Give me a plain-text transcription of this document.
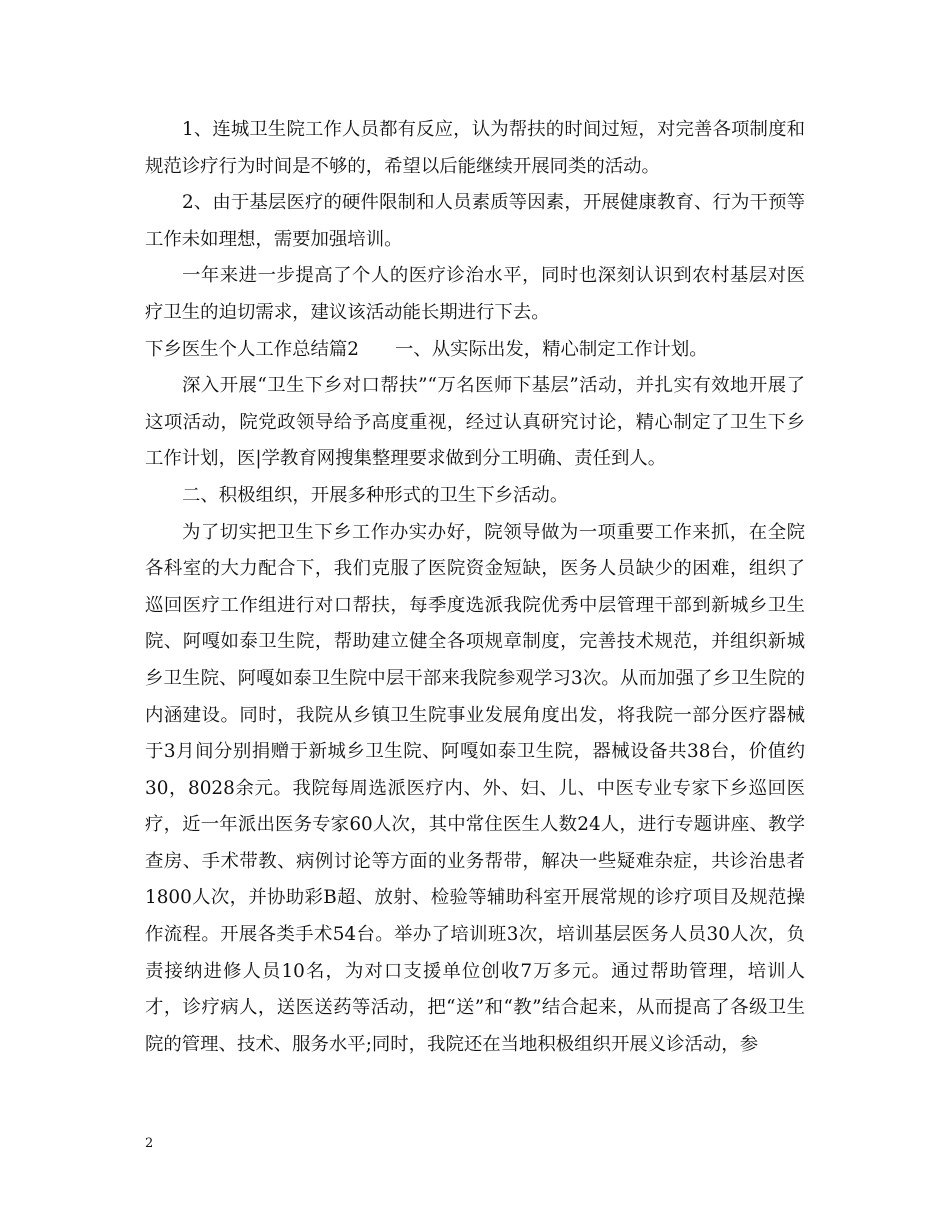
1、连城卫生院工作人员都有反应，认为帮扶的时间过短，对完善各项制度和规范诊疗行为时间是不够的，希望以后能继续开展同类的活动。

2、由于基层医疗的硬件限制和人员素质等因素，开展健康教育、行为干预等工作未如理想，需要加强培训。

一年来进一步提高了个人的医疗诊治水平，同时也深刻认识到农村基层对医疗卫生的迫切需求，建议该活动能长期进行下去。

下乡医生个人工作总结篇2 一、从实际出发，精心制定工作计划。

深入开展“卫生下乡对口帮扶”“万名医师下基层”活动，并扎实有效地开展了这项活动，院党政领导给予高度重视，经过认真研究讨论，精心制定了卫生下乡工作计划，医|学教育网搜集整理要求做到分工明确、责任到人。

二、积极组织，开展多种形式的卫生下乡活动。

为了切实把卫生下乡工作办实办好，院领导做为一项重要工作来抓，在全院各科室的大力配合下，我们克服了医院资金短缺，医务人员缺少的困难，组织了巡回医疗工作组进行对口帮扶，每季度选派我院优秀中层管理干部到新城乡卫生院、阿嘎如泰卫生院，帮助建立健全各项规章制度，完善技术规范，并组织新城乡卫生院、阿嘎如泰卫生院中层干部来我院参观学习3次。从而加强了乡卫生院的内涵建设。同时，我院从乡镇卫生院事业发展角度出发，将我院一部分医疗器械于3月间分别捐赠于新城乡卫生院、阿嘎如泰卫生院，器械设备共38台，价值约30，8028余元。我院每周选派医疗内、外、妇、儿、中医专业专家下乡巡回医疗，近一年派出医务专家60人次，其中常住医生人数24人，进行专题讲座、教学查房、手术带教、病例讨论等方面的业务帮带，解决一些疑难杂症，共诊治患者1800人次，并协助彩B超、放射、检验等辅助科室开展常规的诊疗项目及规范操作流程。开展各类手术54台。举办了培训班3次，培训基层医务人员30人次，负责接纳进修人员10名，为对口支援单位创收7万多元。通过帮助管理，培训人才，诊疗病人，送医送药等活动，把“送”和“教”结合起来，从而提高了各级卫生院的管理、技术、服务水平;同时，我院还在当地积极组织开展义诊活动，参

2
